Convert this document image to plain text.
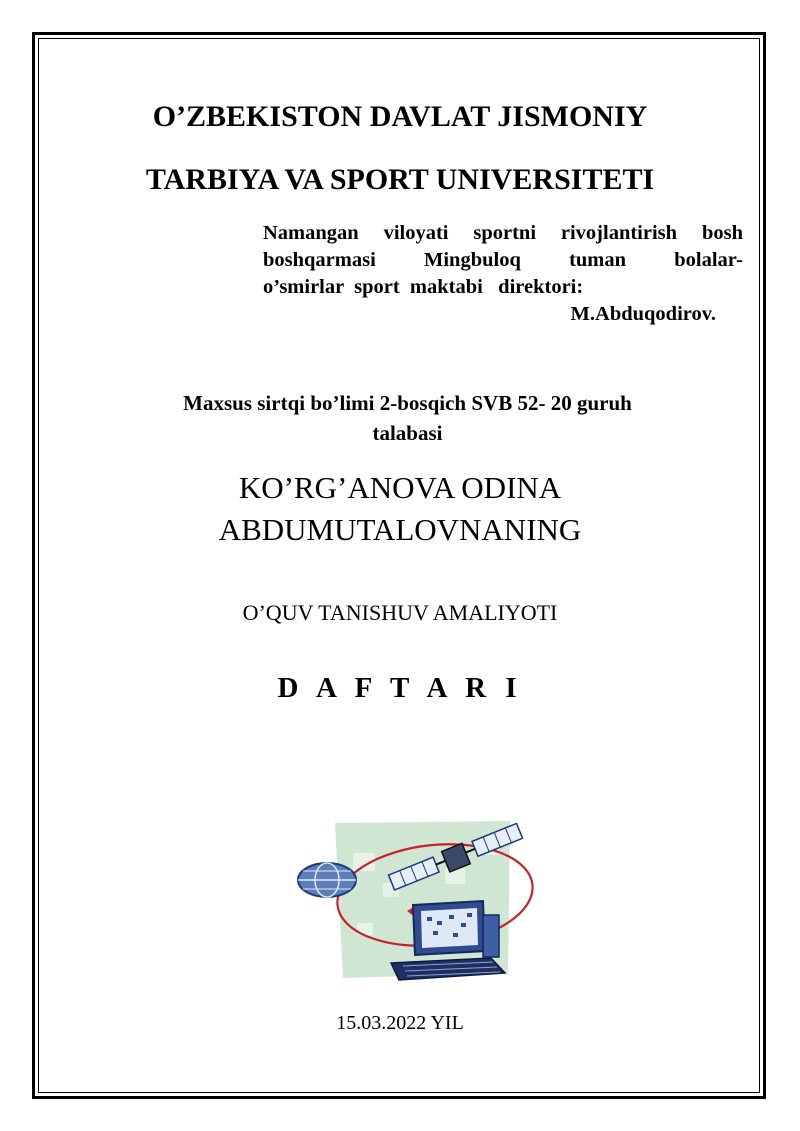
O’ZBEKISTON DAVLAT JISMONIY
TARBIYA VA SPORT UNIVERSITETI
Namangan viloyati sportni rivojlantirish bosh
boshqarmasi Mingbuloq tuman bolalar-
o’smirlar  sport  maktabi   direktori:
M.Abduqodirov.
Maxsus sirtqi bo’limi 2-bosqich SVB 52- 20 guruh
talabasi
KO’RG’ANOVA ODINA
ABDUMUTALOVNANING
O’QUV TANISHUV AMALIYOTI
D A F T A R I
15.03.2022 YIL
